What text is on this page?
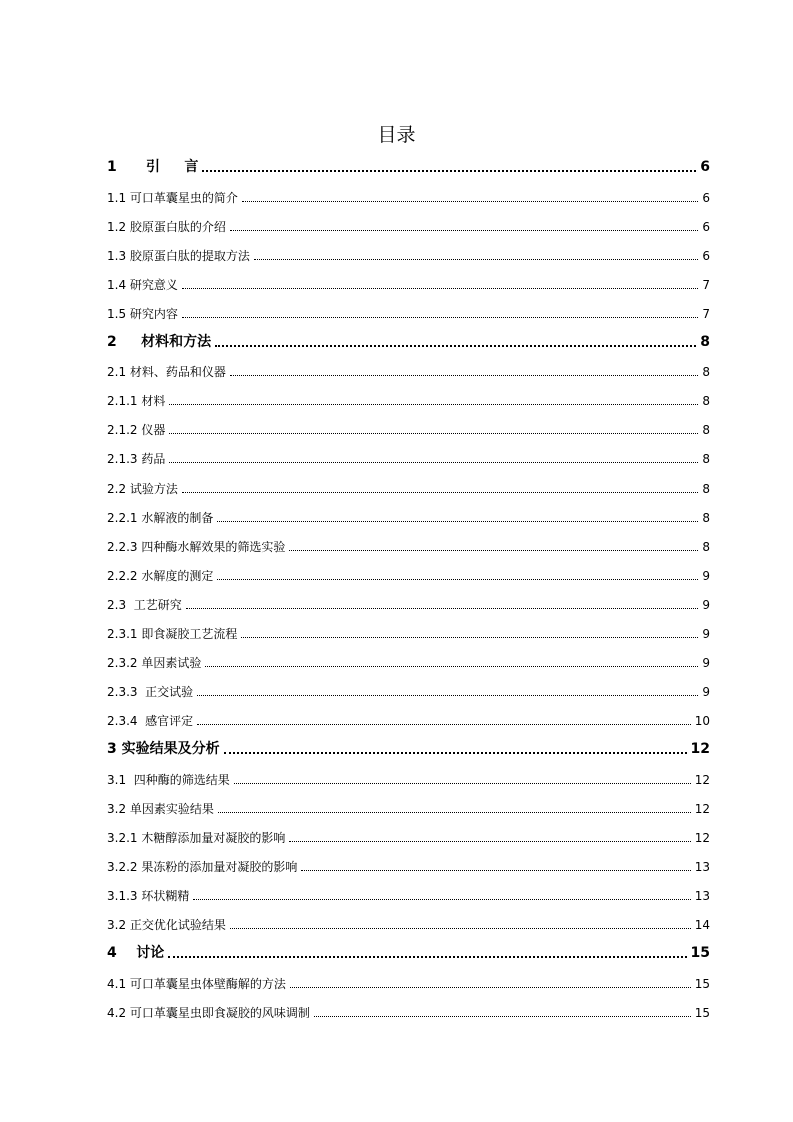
目录
1      引     言	6
1.1 可口革囊星虫的简介	6
1.2 胶原蛋白肽的介绍	6
1.3 胶原蛋白肽的提取方法	6
1.4 研究意义	7
1.5 研究内容	7
2     材料和方法	8
2.1 材料、药品和仪器	8
2.1.1 材料	8
2.1.2 仪器	8
2.1.3 药品	8
2.2 试验方法	8
2.2.1 水解液的制备	8
2.2.3 四种酶水解效果的筛选实验	8
2.2.2 水解度的测定	9
2.3  工艺研究	9
2.3.1 即食凝胶工艺流程	9
2.3.2 单因素试验	9
2.3.3  正交试验	9
2.3.4  感官评定	10
3 实验结果及分析	12
3.1  四种酶的筛选结果	12
3.2 单因素实验结果	12
3.2.1 木糖醇添加量对凝胶的影响	12
3.2.2 果冻粉的添加量对凝胶的影响	13
3.1.3 环状糊精	13
3.2 正交优化试验结果	14
4    讨论	15
4.1 可口革囊星虫体壁酶解的方法	15
4.2 可口革囊星虫即食凝胶的风味调制	15
